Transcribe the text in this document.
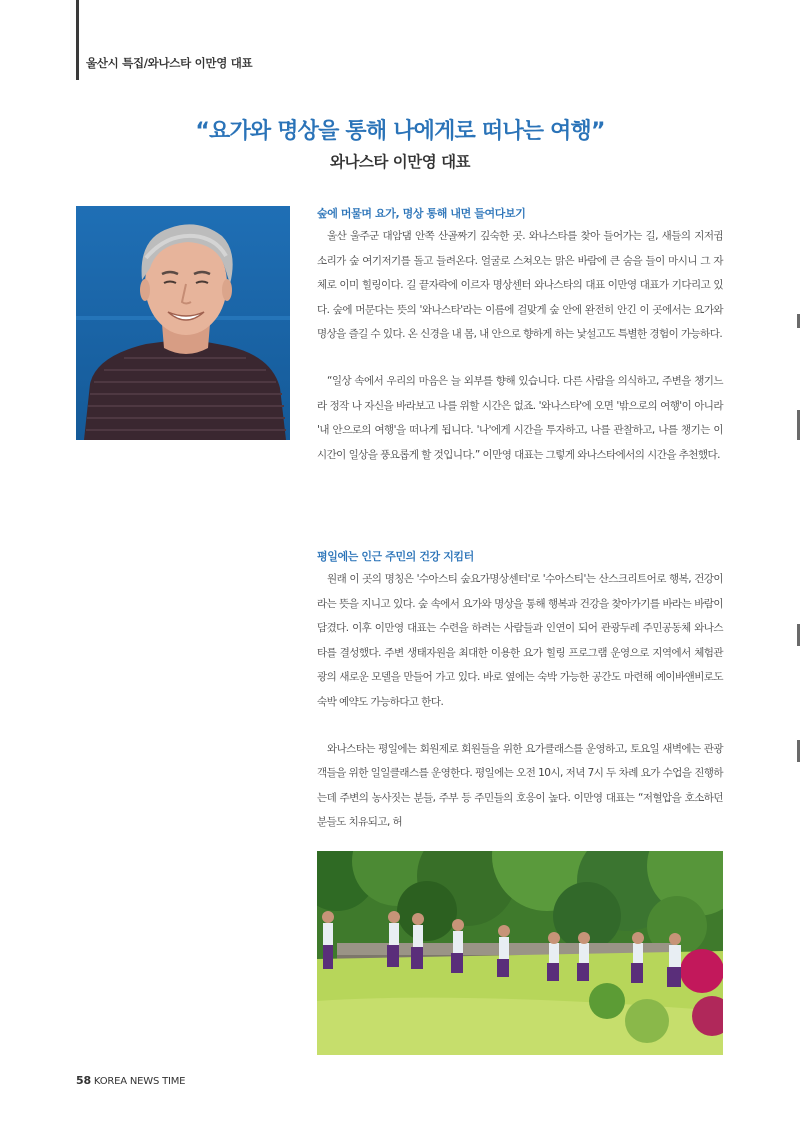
울산시 특집/와나스타 이만영 대표
“요가와 명상을 통해 나에게로 떠나는 여행”
와나스타 이만영 대표
숲에 머물며 요가, 명상 통해 내면 들여다보기

울산 울주군 대암댐 안쪽 산골짜기 깊숙한 곳. 와나스타를 찾아 들어가는 길, 새들의 지저귐 소리가 숲 여기저기를 돌고 들려온다. 얼굴로 스쳐오는 맑은 바람에 큰 숨을 들이 마시니 그 자체로 이미 힐링이다. 길 끝자락에 이르자 명상센터 와나스타의 대표 이만영 대표가 기다리고 있다. 숲에 머문다는 뜻의 '와나스타'라는 이름에 걸맞게 숲 안에 완전히 안긴 이 곳에서는 요가와 명상을 즐길 수 있다. 온 신경을 내 몸, 내 안으로 향하게 하는 낯설고도 특별한 경험이 가능하다.

“일상 속에서 우리의 마음은 늘 외부를 향해 있습니다. 다른 사람을 의식하고, 주변을 챙기느라 정작 나 자신을 바라보고 나를 위할 시간은 없죠. '와나스타'에 오면 '밖으로의 여행'이 아니라 '내 안으로의 여행'을 떠나게 됩니다. '나'에게 시간을 투자하고, 나를 관찰하고, 나를 챙기는 이 시간이 일상을 풍요롭게 할 것입니다.” 이만영 대표는 그렇게 와나스타에서의 시간을 추천했다.

평일에는 인근 주민의 건강 지킴터

원래 이 곳의 명칭은 '수아스티 숲요가명상센터'로 '수아스티'는 산스크리트어로 행복, 건강이라는 뜻을 지니고 있다. 숲 속에서 요가와 명상을 통해 행복과 건강을 찾아가기를 바라는 바람이 담겼다. 이후 이만영 대표는 수련을 하려는 사람들과 인연이 되어 관광두레 주민공동체 와나스타를 결성했다. 주변 생태자원을 최대한 이용한 요가 힐링 프로그램 운영으로 지역에서 체험관광의 새로운 모델을 만들어 가고 있다. 바로 옆에는 숙박 가능한 공간도 마련해 예이바앤비로도 숙박 예약도 가능하다고 한다.

와나스타는 평일에는 회원제로 회원들을 위한 요가클래스를 운영하고, 토요일 새벽에는 관광객들을 위한 일일클래스를 운영한다. 평일에는 오전 10시, 저녁 7시 두 차례 요가 수업을 진행하는데 주변의 농사짓는 분들, 주부 등 주민들의 호응이 높다. 이만영 대표는 “저혈압을 호소하던 분들도 치유되고, 허

58 KOREA NEWS TIME
